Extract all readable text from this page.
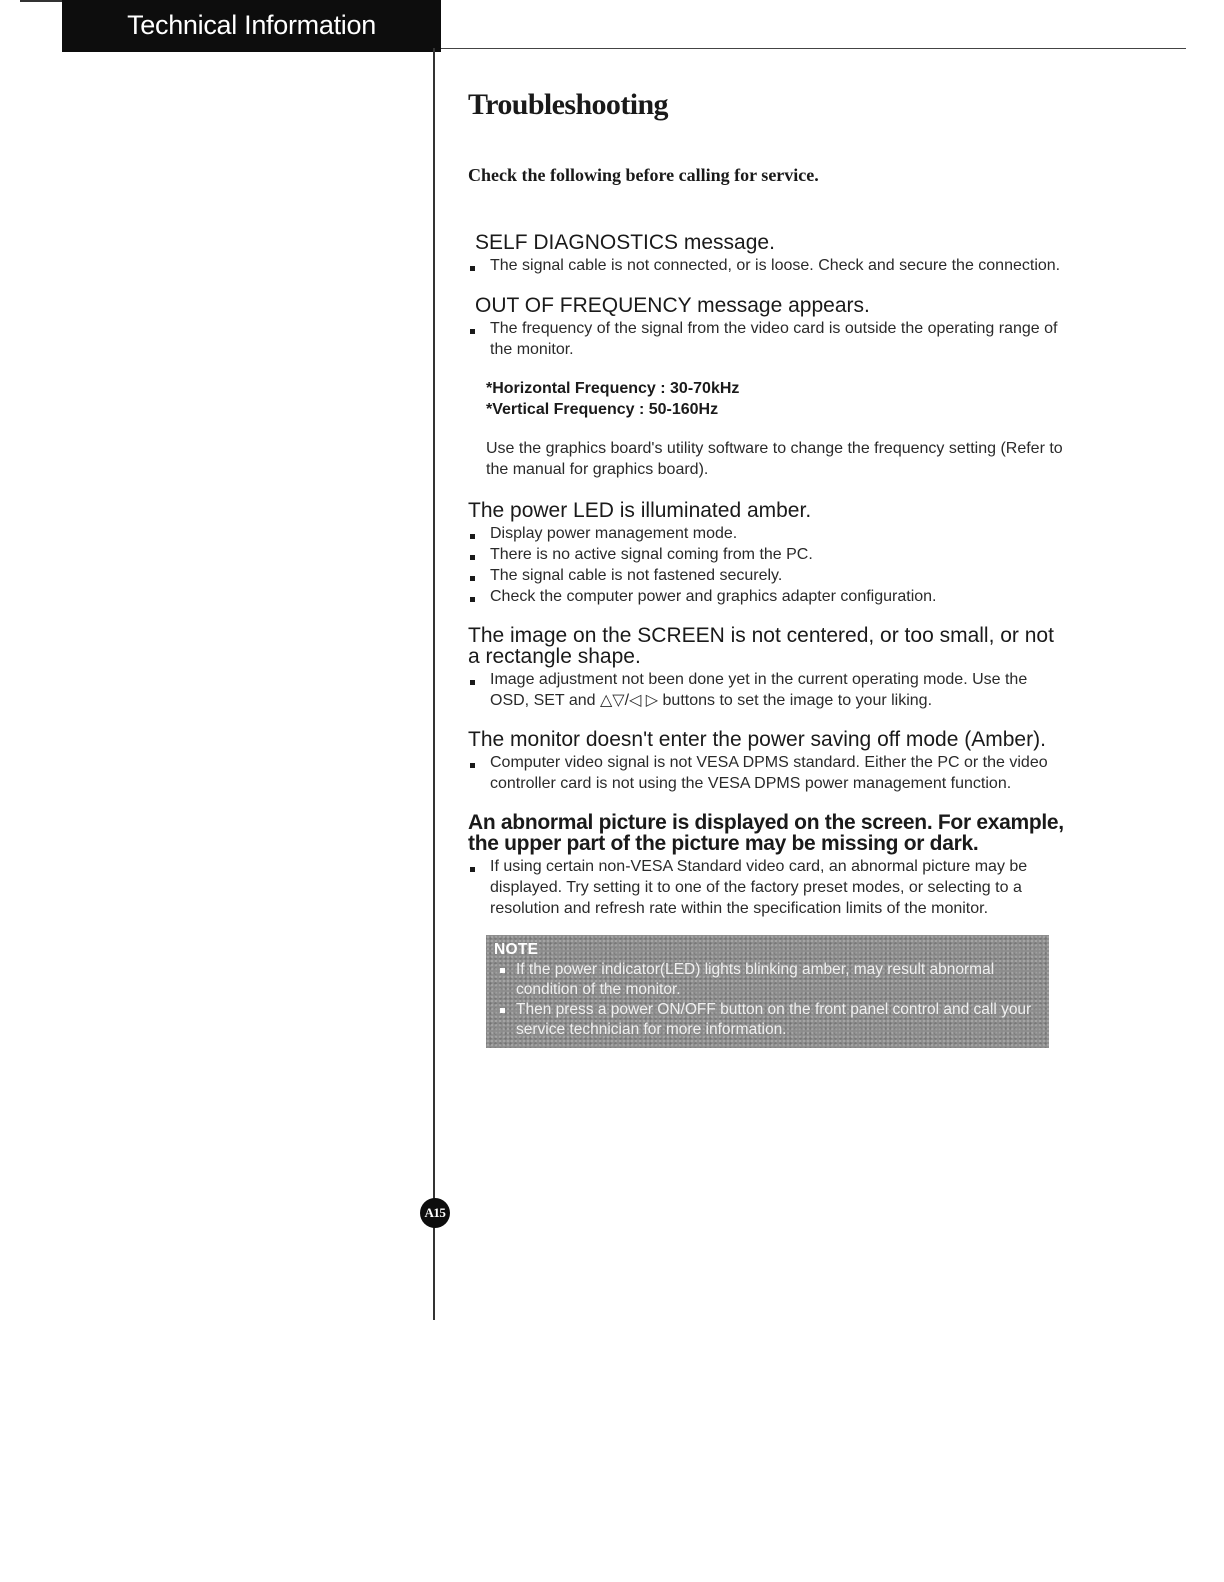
Technical Information
A15
Troubleshooting

Check the following before calling for service.

SELF DIAGNOSTICS message.
The signal cable is not connected, or is loose. Check and secure the connection.
OUT OF FREQUENCY message appears.
The frequency of the signal from the video card is outside the operating range of the monitor.
*Horizontal Frequency : 30-70kHz
*Vertical Frequency : 50-160Hz
Use the graphics board's utility software to change the frequency setting (Refer to the manual for graphics board).
The power LED is illuminated amber.
Display power management mode.
There is no active signal coming from the PC.
The signal cable is not fastened securely.
Check the computer power and graphics adapter configuration.
The image on the SCREEN is not centered, or too small, or not a rectangle shape.
Image adjustment not been done yet in the current operating mode. Use the OSD, SET and △▽/◁ ▷ buttons to set the image to your liking.
The monitor doesn't enter the power saving off mode (Amber).
Computer video signal is not VESA DPMS standard. Either the PC or the video controller card is not using the VESA DPMS power management function.
An abnormal picture is displayed on the screen. For example, the upper part of the picture may be missing or dark.
If using certain non-VESA Standard video card, an abnormal picture may be displayed. Try setting it to one of the factory preset modes, or selecting to a resolution and refresh rate within the specification limits of the monitor.
NOTE
If the power indicator(LED) lights blinking amber, may result abnormal condition of the monitor.
Then press a power ON/OFF button on the front panel control and call your service technician for more information.
